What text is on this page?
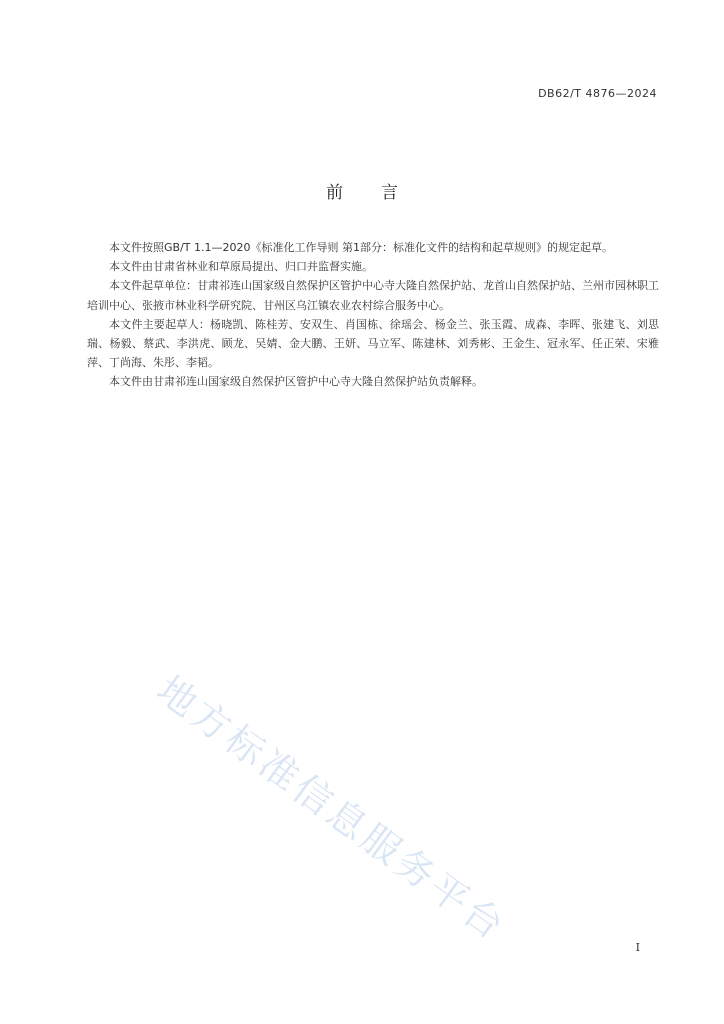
DB62/T 4876—2024
前言

本文件按照GB/T 1.1—2020《标准化工作导则 第1部分：标准化文件的结构和起草规则》的规定起草。

本文件由甘肃省林业和草原局提出、归口并监督实施。

本文件起草单位：甘肃祁连山国家级自然保护区管护中心寺大隆自然保护站、龙首山自然保护站、兰州市园林职工培训中心、张掖市林业科学研究院、甘州区乌江镇农业农村综合服务中心。

本文件主要起草人：杨晓凯、陈桂芳、安双生、肖国栋、徐瑶会、杨金兰、张玉霞、成森、李晖、张建飞、刘思瑞、杨毅、蔡武、李洪虎、顾龙、吴婧、金大鹏、王妍、马立军、陈建林、刘秀彬、王金生、冠永军、任正荣、宋雅萍、丁尚海、朱彤、李韬。

本文件由甘肃祁连山国家级自然保护区管护中心寺大隆自然保护站负责解释。

地方标准信息服务平台	I
